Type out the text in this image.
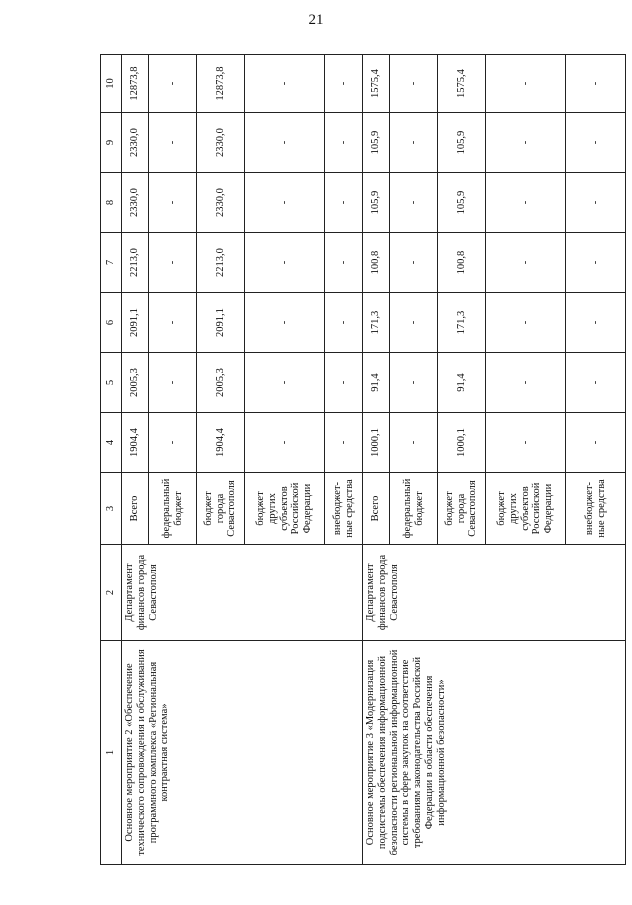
21
1	2	3	4	5	6	7	8	9	10
Основное мероприятие 2 «Обеспечение технического сопровождения и обслуживания программного комплекса «Региональная контрактная система»	Департамент финансов города Севастополя	Всего	1904,4	2005,3	2091,1	2213,0	2330,0	2330,0	12873,8
		федеральный бюджет	-	-	-	-	-	-	-
		бюджет города Севастополя	1904,4	2005,3	2091,1	2213,0	2330,0	2330,0	12873,8
		бюджет других субъектов Российской Федерации	-	-	-	-	-	-	-
		внебюджет-ные средства	-	-	-	-	-	-	-
Основное мероприятие 3 «Модернизация подсистемы обеспечения информационной безопасности региональной информационной системы в сфере закупок на соответствие требованиям законодательства Российской Федерации в области обеспечения информационной безопасности»	Департамент финансов города Севастополя	Всего	1000,1	91,4	171,3	100,8	105,9	105,9	1575,4
		федеральный бюджет	-	-	-	-	-	-	-
		бюджет города Севастополя	1000,1	91,4	171,3	100,8	105,9	105,9	1575,4
		бюджет других субъектов Российской Федерации	-	-	-	-	-	-	-
		внебюджет-ные средства	-	-	-	-	-	-	-
